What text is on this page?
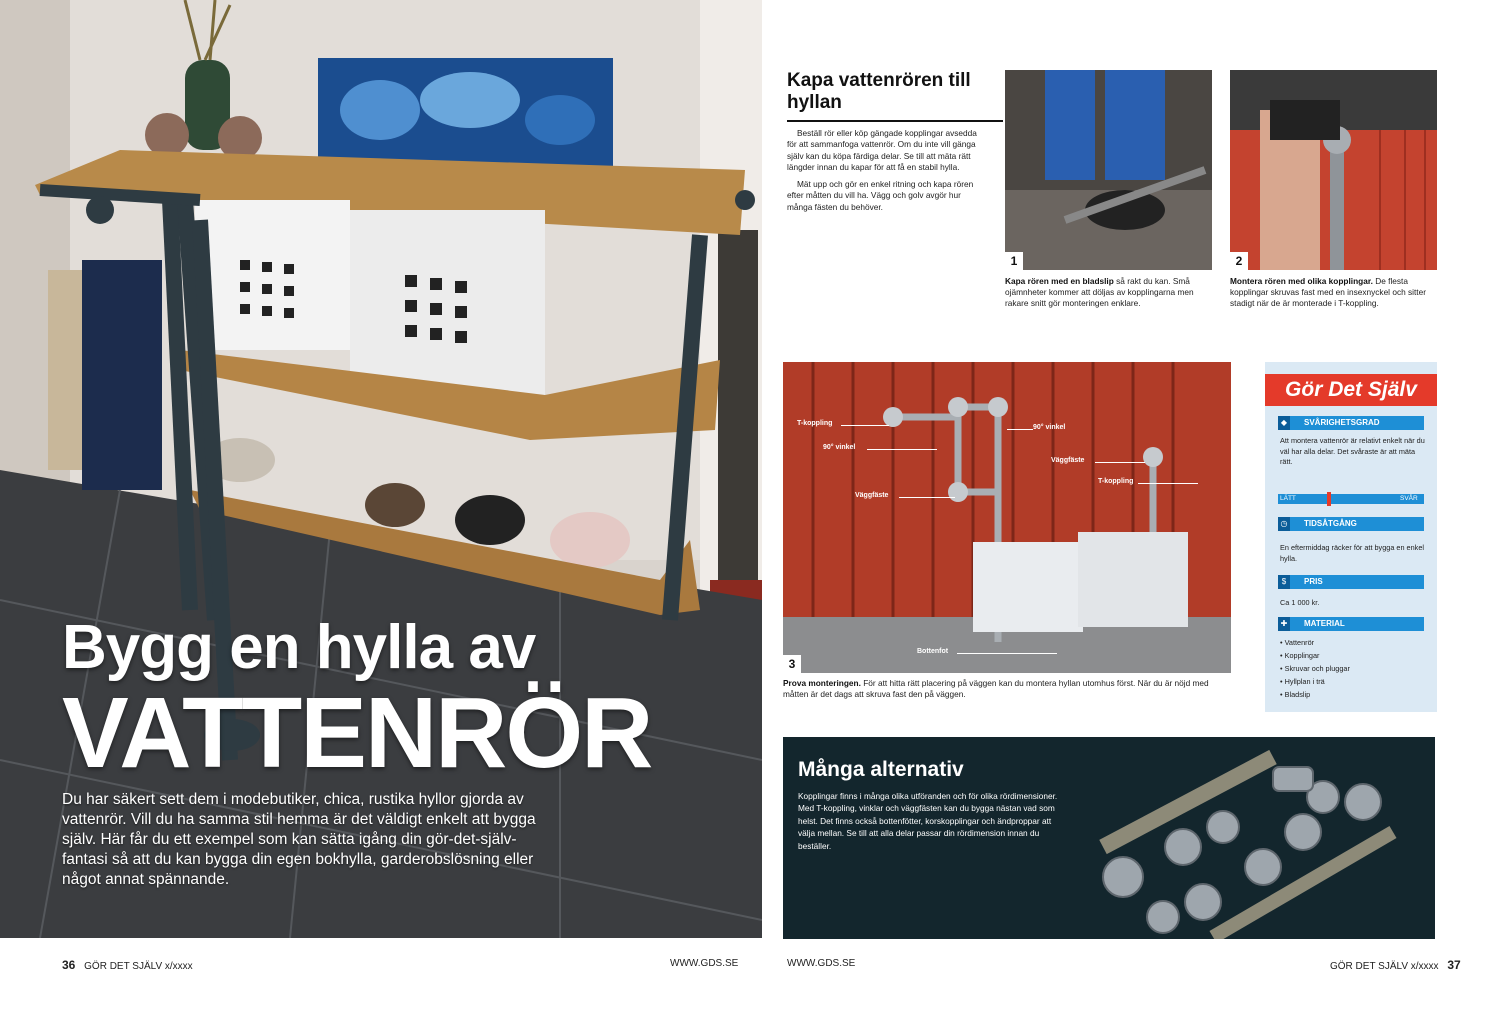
Bygg en hylla av
VATTENRÖR
Du har säkert sett dem i modebutiker, chica, rustika hyllor gjorda av vattenrör. Vill du ha samma stil hemma är det väldigt enkelt att bygga själv. Här får du ett exempel som kan sätta igång din gör-det-själv-fantasi så att du kan bygga din egen bokhylla, garderobslösning eller något annat spännande.
36 GÖR DET SJÄLV x/xxxx	WWW.GDS.SE
Kapa vattenrören till hyllan

Beställ rör eller köp gängade kopplingar avsedda för att sammanfoga vattenrör. Om du inte vill gänga själv kan du köpa färdiga delar. Se till att mäta rätt längder innan du kapar för att få en stabil hylla.

Mät upp och gör en enkel ritning och kapa rören efter måtten du vill ha. Vägg och golv avgör hur många fästen du behöver.

1
Kapa rören med en bladslip så rakt du kan. Små ojämnheter kommer att döljas av kopplingarna men rakare snitt gör monteringen enklare.
2
Montera rören med olika kopplingar. De flesta kopplingar skruvas fast med en insexnyckel och sitter stadigt när de är monterade i T-koppling.
3
T-koppling
90° vinkel
90° vinkel
Väggfäste
Väggfäste
T-koppling
Bottenfot
Prova monteringen. För att hitta rätt placering på väggen kan du montera hyllan utomhus först. När du är nöjd med måtten är det dags att skruva fast den på väggen.
Gör Det Själv
◆	SVÅRIGHETSGRAD
Att montera vattenrör är relativt enkelt när du väl har alla delar. Det svåraste är att mäta rätt.
LÄTT	SVÅR
◷	TIDSÅTGÅNG
En eftermiddag räcker för att bygga en enkel hylla.
$	PRIS
Ca 1 000 kr.
✚	MATERIAL
• Vattenrör
• Kopplingar
• Skruvar och pluggar
• Hyllplan i trä
• Bladslip
Många alternativ
Kopplingar finns i många olika utföranden och för olika rördimensioner. Med T-koppling, vinklar och väggfästen kan du bygga nästan vad som helst. Det finns också bottenfötter, korskopplingar och ändproppar att välja mellan. Se till att alla delar passar din rördimension innan du beställer.
WWW.GDS.SE	GÖR DET SJÄLV x/xxxx 37
